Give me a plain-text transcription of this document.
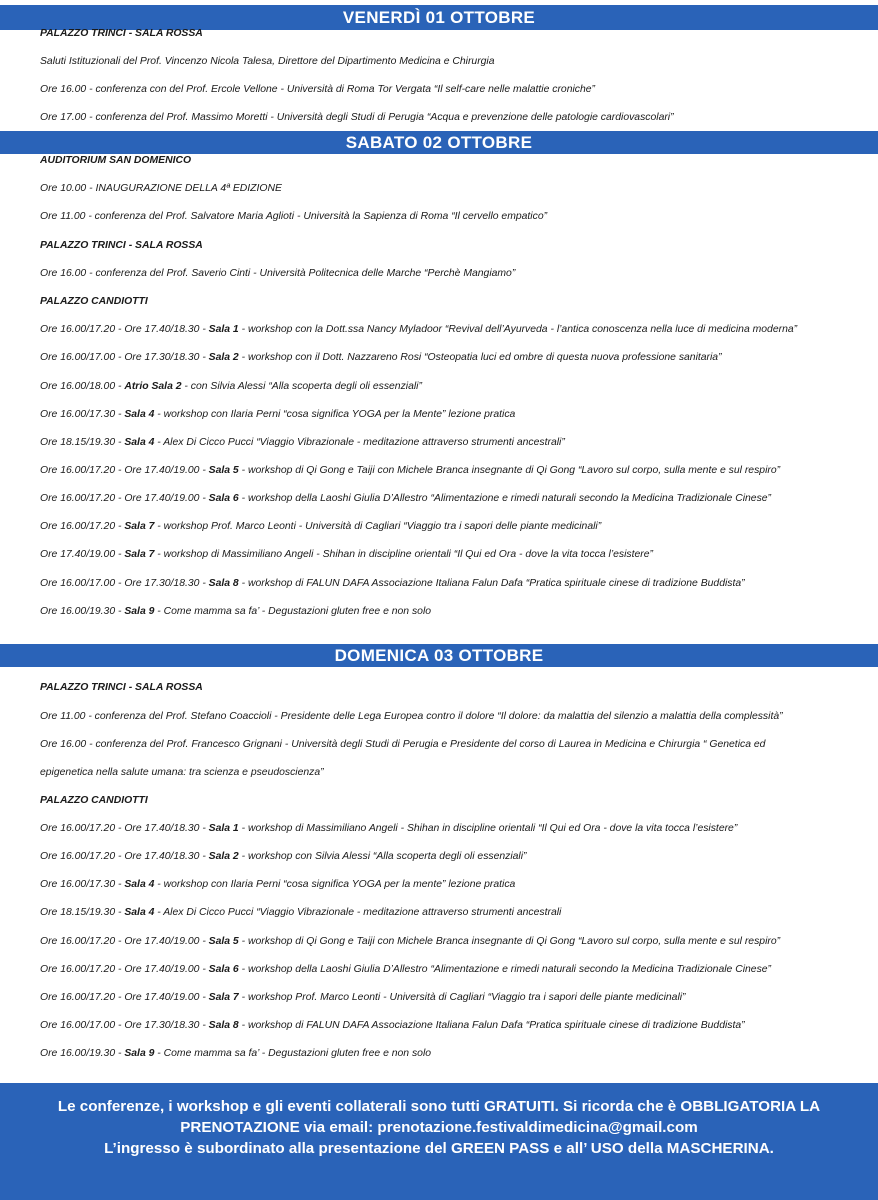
VENERDÌ 01 OTTOBRE
PALAZZO TRINCI - SALA ROSSA
Saluti Istituzionali del Prof. Vincenzo Nicola Talesa, Direttore del Dipartimento Medicina e Chirurgia
Ore 16.00 - conferenza con del Prof. Ercole Vellone - Università di Roma Tor Vergata “Il self-care nelle malattie croniche”
Ore 17.00 - conferenza del Prof. Massimo Moretti - Università degli Studi di Perugia “Acqua e prevenzione delle patologie cardiovascolari”
SABATO 02 OTTOBRE
AUDITORIUM SAN DOMENICO
Ore 10.00 - INAUGURAZIONE DELLA 4ª EDIZIONE
Ore 11.00 - conferenza del Prof. Salvatore Maria Aglioti - Università la Sapienza di Roma “Il cervello empatico”
PALAZZO TRINCI - SALA ROSSA
Ore 16.00 - conferenza del Prof. Saverio Cinti - Università Politecnica delle Marche “Perchè Mangiamo”
PALAZZO CANDIOTTI
Ore 16.00/17.20 - Ore 17.40/18.30 - Sala 1 - workshop con la Dott.ssa Nancy Myladoor “Revival dell’Ayurveda - l’antica conoscenza nella luce di medicina moderna”
Ore 16.00/17.00 - Ore 17.30/18.30 - Sala 2 - workshop con il Dott. Nazzareno Rosi “Osteopatia luci ed ombre di questa nuova professione sanitaria”
Ore 16.00/18.00 - Atrio Sala 2 - con Silvia Alessi “Alla scoperta degli oli essenziali”
Ore 16.00/17.30 - Sala 4 - workshop con Ilaria Perni “cosa significa YOGA per la Mente” lezione pratica
Ore 18.15/19.30 - Sala 4 - Alex Di Cicco Pucci “Viaggio Vibrazionale - meditazione attraverso strumenti ancestrali”
Ore 16.00/17.20 - Ore 17.40/19.00 - Sala 5 - workshop di Qi Gong e Taiji con Michele Branca insegnante di Qi Gong “Lavoro sul corpo, sulla mente e sul respiro”
Ore 16.00/17.20 - Ore 17.40/19.00 - Sala 6 - workshop della Laoshi Giulia D’Allestro “Alimentazione e rimedi naturali secondo la Medicina Tradizionale Cinese”
Ore 16.00/17.20 - Sala 7 - workshop Prof. Marco Leonti - Università di Cagliari “Viaggio tra i sapori delle piante medicinali”
Ore 17.40/19.00 - Sala 7 - workshop di Massimiliano Angeli - Shihan in discipline orientali “Il Qui ed Ora - dove la vita tocca l’esistere”
Ore 16.00/17.00 - Ore 17.30/18.30 - Sala 8 - workshop di FALUN DAFA Associazione Italiana Falun Dafa “Pratica spirituale cinese di tradizione Buddista”
Ore 16.00/19.30 - Sala 9 - Come mamma sa fa’ - Degustazioni gluten free e non solo
DOMENICA 03 OTTOBRE
PALAZZO TRINCI - SALA ROSSA
Ore 11.00 - conferenza del Prof. Stefano Coaccioli - Presidente delle Lega Europea contro il dolore “Il dolore: da malattia del silenzio a malattia della complessità”
Ore 16.00 - conferenza del Prof. Francesco Grignani - Università degli Studi di Perugia e Presidente del corso di Laurea in Medicina e Chirurgia “ Genetica ed
epigenetica nella salute umana: tra scienza e pseudoscienza”
PALAZZO CANDIOTTI
Ore 16.00/17.20 - Ore 17.40/18.30 - Sala 1 - workshop di Massimiliano Angeli - Shihan in discipline orientali “Il Qui ed Ora - dove la vita tocca l’esistere”
Ore 16.00/17.20 - Ore 17.40/18.30 - Sala 2 - workshop con Silvia Alessi “Alla scoperta degli oli essenziali”
Ore 16.00/17.30 - Sala 4 - workshop con Ilaria Perni “cosa significa YOGA per la mente” lezione pratica
Ore 18.15/19.30 - Sala 4 - Alex Di Cicco Pucci “Viaggio Vibrazionale - meditazione attraverso strumenti ancestrali
Ore 16.00/17.20 - Ore 17.40/19.00 - Sala 5 - workshop di Qi Gong e Taiji con Michele Branca insegnante di Qi Gong “Lavoro sul corpo, sulla mente e sul respiro”
Ore 16.00/17.20 - Ore 17.40/19.00 - Sala 6 - workshop della Laoshi Giulia D’Allestro “Alimentazione e rimedi naturali secondo la Medicina Tradizionale Cinese”
Ore 16.00/17.20 - Ore 17.40/19.00 - Sala 7 - workshop Prof. Marco Leonti - Università di Cagliari “Viaggio tra i sapori delle piante medicinali”
Ore 16.00/17.00 - Ore 17.30/18.30 - Sala 8 - workshop di FALUN DAFA Associazione Italiana Falun Dafa “Pratica spirituale cinese di tradizione Buddista”
Ore 16.00/19.30 - Sala 9 - Come mamma sa fa’ - Degustazioni gluten free e non solo
Le conferenze, i workshop e gli eventi collaterali sono tutti GRATUITI. Si ricorda che è OBBLIGATORIA LA
PRENOTAZIONE via email: prenotazione.festivaldimedicina@gmail.com
L’ingresso è subordinato alla presentazione del GREEN PASS e all’ USO della MASCHERINA.
